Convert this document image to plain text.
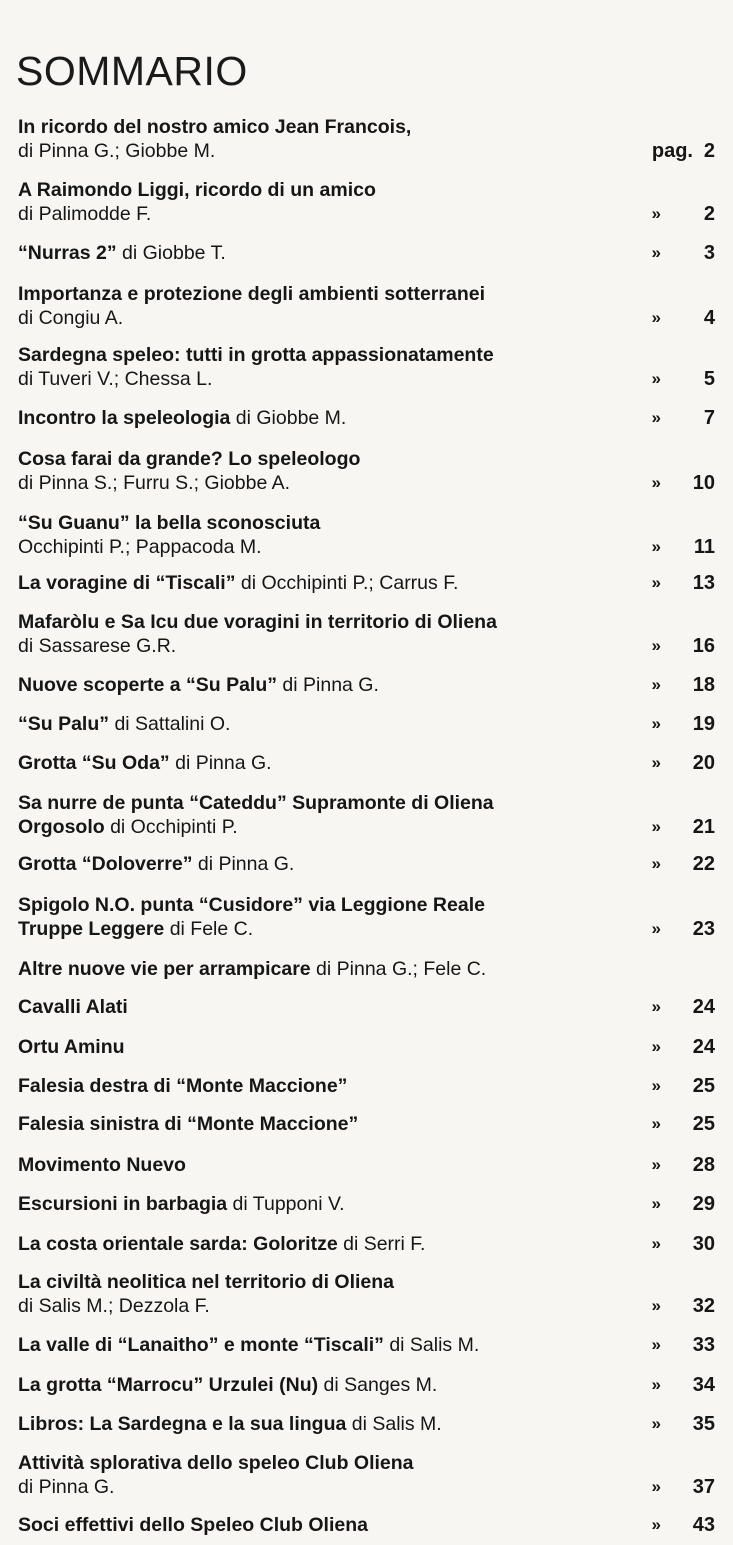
SOMMARIO
In ricordo del nostro amico Jean Francois,
di Pinna G.; Giobbe M.	pag. 2
A Raimondo Liggi, ricordo di un amico
di Palimodde F.	» 2
“Nurras 2” di Giobbe T.	» 3
Importanza e protezione degli ambienti sotterranei
di Congiu A.	» 4
Sardegna speleo: tutti in grotta appassionatamente
di Tuveri V.; Chessa L.	» 5
Incontro la speleologia di Giobbe M.	» 7
Cosa farai da grande? Lo speleologo
di Pinna S.; Furru S.; Giobbe A.	» 10
“Su Guanu” la bella sconosciuta
Occhipinti P.; Pappacoda M.	» 11
La voragine di “Tiscali” di Occhipinti P.; Carrus F.	» 13
Mafaròlu e Sa Icu due voragini in territorio di Oliena
di Sassarese G.R.	» 16
Nuove scoperte a “Su Palu” di Pinna G.	» 18
“Su Palu” di Sattalini O.	» 19
Grotta “Su Oda” di Pinna G.	» 20
Sa nurre de punta “Cateddu” Supramonte di Oliena
Orgosolo di Occhipinti P.	» 21
Grotta “Doloverre” di Pinna G.	» 22
Spigolo N.O. punta “Cusidore” via Leggione Reale
Truppe Leggere di Fele C.	» 23
Altre nuove vie per arrampicare di Pinna G.; Fele C.
Cavalli Alati	» 24
Ortu Aminu	» 24
Falesia destra di “Monte Maccione”	» 25
Falesia sinistra di “Monte Maccione”	» 25
Movimento Nuevo	» 28
Escursioni in barbagia di Tupponi V.	» 29
La costa orientale sarda: Goloritze di Serri F.	» 30
La civiltà neolitica nel territorio di Oliena
di Salis M.; Dezzola F.	» 32
La valle di “Lanaitho” e monte “Tiscali” di Salis M.	» 33
La grotta “Marrocu” Urzulei (Nu) di Sanges M.	» 34
Libros: La Sardegna e la sua lingua di Salis M.	» 35
Attività splorativa dello speleo Club Oliena
di Pinna G.	» 37
Soci effettivi dello Speleo Club Oliena	» 43
